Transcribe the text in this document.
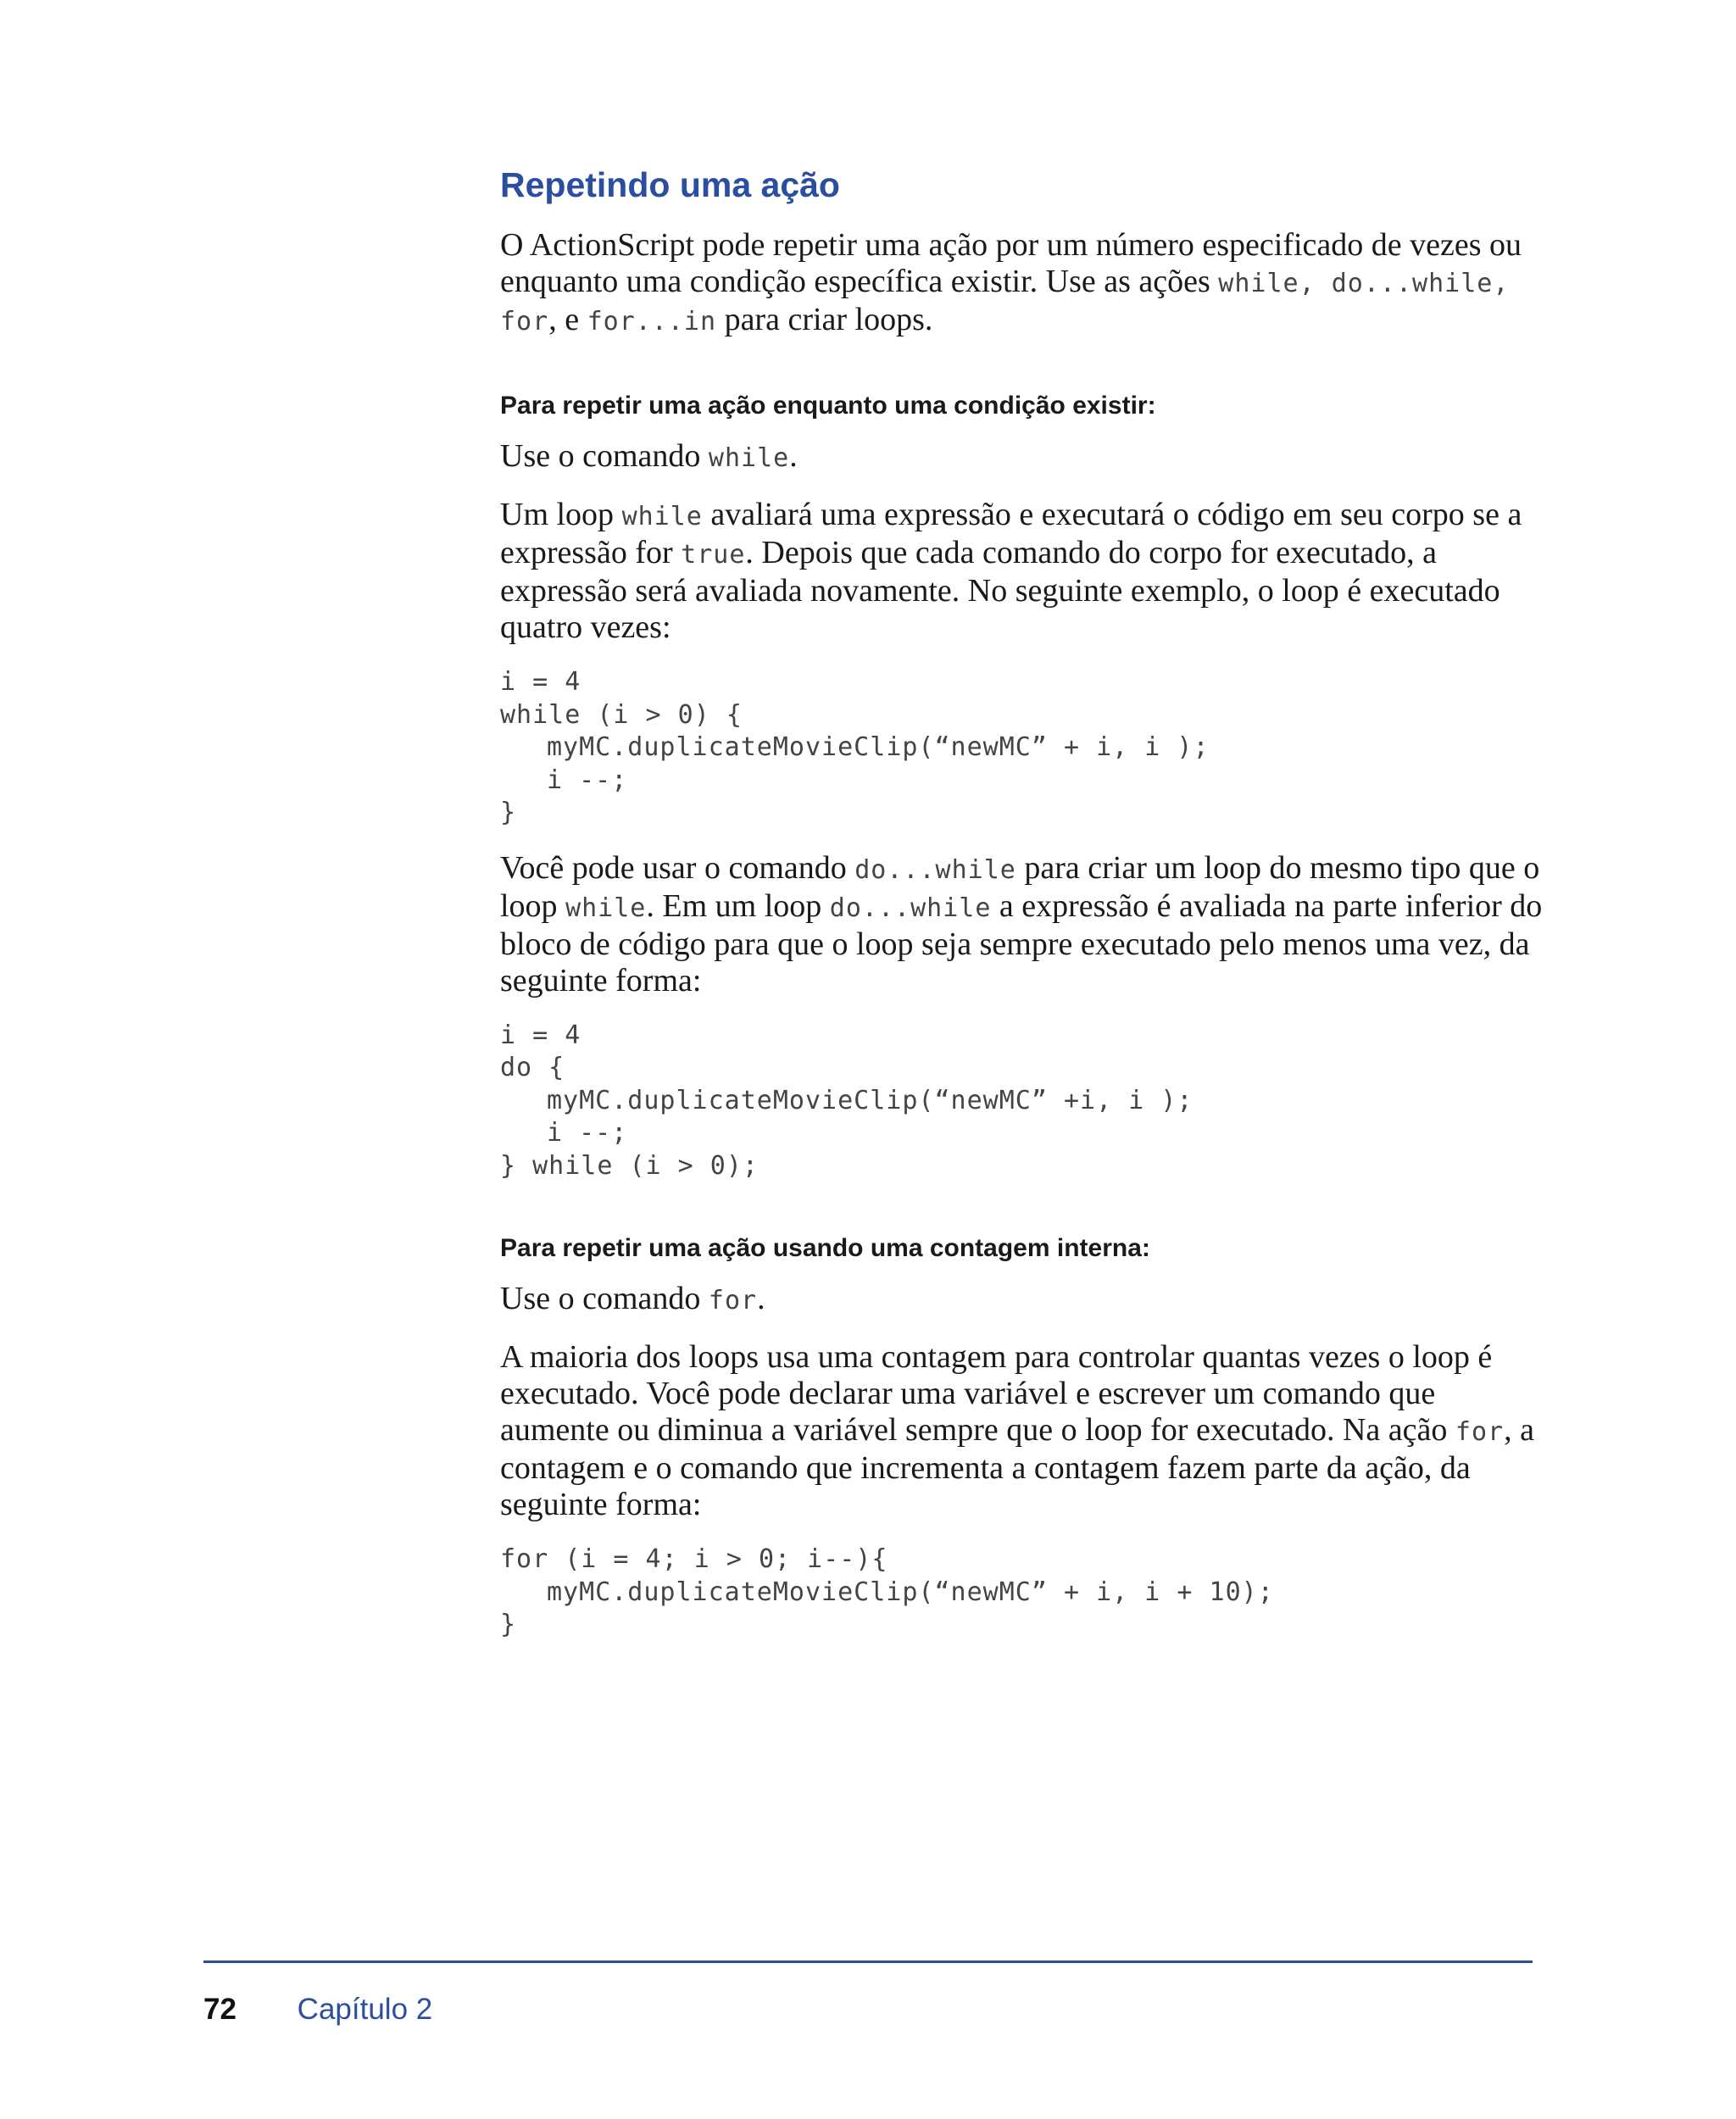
Repetindo uma ação

O ActionScript pode repetir uma ação por um número especificado de vezes ou enquanto uma condição específica existir. Use as ações while, do...while, for, e for...in para criar loops.

Para repetir uma ação enquanto uma condição existir:

Use o comando while.

Um loop while avaliará uma expressão e executará o código em seu corpo se a expressão for true. Depois que cada comando do corpo for executado, a expressão será avaliada novamente. No seguinte exemplo, o loop é executado quatro vezes:

i = 4
while (i > 0) {
myMC.duplicateMovieClip(“newMC” + i, i );
i --;
}

Você pode usar o comando do...while para criar um loop do mesmo tipo que o loop while. Em um loop do...while a expressão é avaliada na parte inferior do bloco de código para que o loop seja sempre executado pelo menos uma vez, da seguinte forma:

i = 4
do {
myMC.duplicateMovieClip(“newMC” +i, i );
i --;
} while (i > 0);
Para repetir uma ação usando uma contagem interna:

Use o comando for.

A maioria dos loops usa uma contagem para controlar quantas vezes o loop é executado. Você pode declarar uma variável e escrever um comando que aumente ou diminua a variável sempre que o loop for executado. Na ação for, a contagem e o comando que incrementa a contagem fazem parte da ação, da seguinte forma:

for (i = 4; i > 0; i--){
myMC.duplicateMovieClip(“newMC” + i, i + 10);
}
72 Capítulo 2
